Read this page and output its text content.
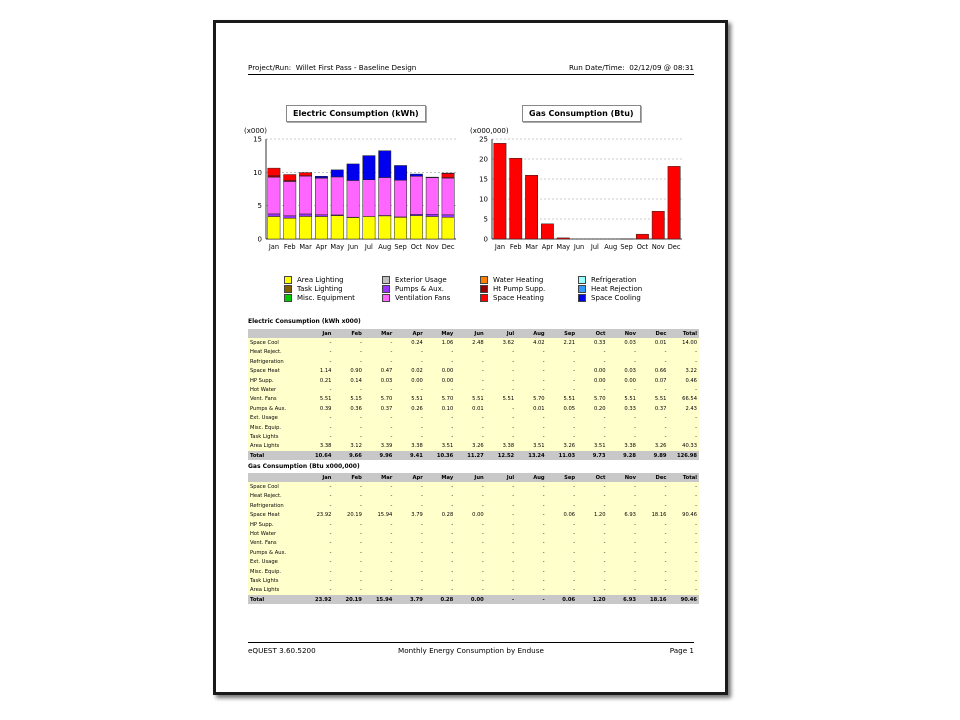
Project/Run: Willet First Pass - Baseline Design	Run Date/Time: 02/12/09 @ 08:31
Electric Consumption (kWh)	Gas Consumption (Btu)
(x000)
0
5
10
15
Jan Feb Mar Apr May Jun Jul Aug Sep Oct Nov Dec
(x000,000)
0
5
10
15
20
25
Jan Feb Mar Apr May Jun Jul Aug Sep Oct Nov Dec
Area Lighting
Task Lighting
Misc. Equipment
Exterior Usage
Pumps & Aux.
Ventilation Fans
Water Heating
Ht Pump Supp.
Space Heating
Refrigeration
Heat Rejection
Space Cooling
Electric Consumption (kWh x000)
	Jan	Feb	Mar	Apr	May	Jun	Jul	Aug	Sep	Oct	Nov	Dec	Total
Space Cool	-	-	-	0.24	1.06	2.48	3.62	4.02	2.21	0.33	0.03	0.01	14.00
Heat Reject.	-	-	-	-	-	-	-	-	-	-	-	-	-
Refrigeration	-	-	-	-	-	-	-	-	-	-	-	-	-
Space Heat	1.14	0.90	0.47	0.02	0.00	-	-	-	-	0.00	0.03	0.66	3.22
HP Supp.	0.21	0.14	0.03	0.00	0.00	-	-	-	-	0.00	0.00	0.07	0.46
Hot Water	-	-	-	-	-	-	-	-	-	-	-	-	-
Vent. Fans	5.51	5.15	5.70	5.51	5.70	5.51	5.51	5.70	5.51	5.70	5.51	5.51	66.54
Pumps & Aux.	0.39	0.36	0.37	0.26	0.10	0.01	-	0.01	0.05	0.20	0.33	0.37	2.43
Ext. Usage	-	-	-	-	-	-	-	-	-	-	-	-	-
Misc. Equip.	-	-	-	-	-	-	-	-	-	-	-	-	-
Task Lights	-	-	-	-	-	-	-	-	-	-	-	-	-
Area Lights	3.38	3.12	3.39	3.38	3.51	3.26	3.38	3.51	3.26	3.51	3.38	3.26	40.33
Total	10.64	9.66	9.96	9.41	10.36	11.27	12.52	13.24	11.03	9.73	9.28	9.89	126.98
Gas Consumption (Btu x000,000)
	Jan	Feb	Mar	Apr	May	Jun	Jul	Aug	Sep	Oct	Nov	Dec	Total
Space Cool	-	-	-	-	-	-	-	-	-	-	-	-	-
Heat Reject.	-	-	-	-	-	-	-	-	-	-	-	-	-
Refrigeration	-	-	-	-	-	-	-	-	-	-	-	-	-
Space Heat	23.92	20.19	15.94	3.79	0.28	0.00	-	-	0.06	1.20	6.93	18.16	90.46
HP Supp.	-	-	-	-	-	-	-	-	-	-	-	-	-
Hot Water	-	-	-	-	-	-	-	-	-	-	-	-	-
Vent. Fans	-	-	-	-	-	-	-	-	-	-	-	-	-
Pumps & Aux.	-	-	-	-	-	-	-	-	-	-	-	-	-
Ext. Usage	-	-	-	-	-	-	-	-	-	-	-	-	-
Misc. Equip.	-	-	-	-	-	-	-	-	-	-	-	-	-
Task Lights	-	-	-	-	-	-	-	-	-	-	-	-	-
Area Lights	-	-	-	-	-	-	-	-	-	-	-	-	-
Total	23.92	20.19	15.94	3.79	0.28	0.00	-	-	0.06	1.20	6.93	18.16	90.46
eQUEST 3.60.5200	Monthly Energy Consumption by Enduse	Page 1
